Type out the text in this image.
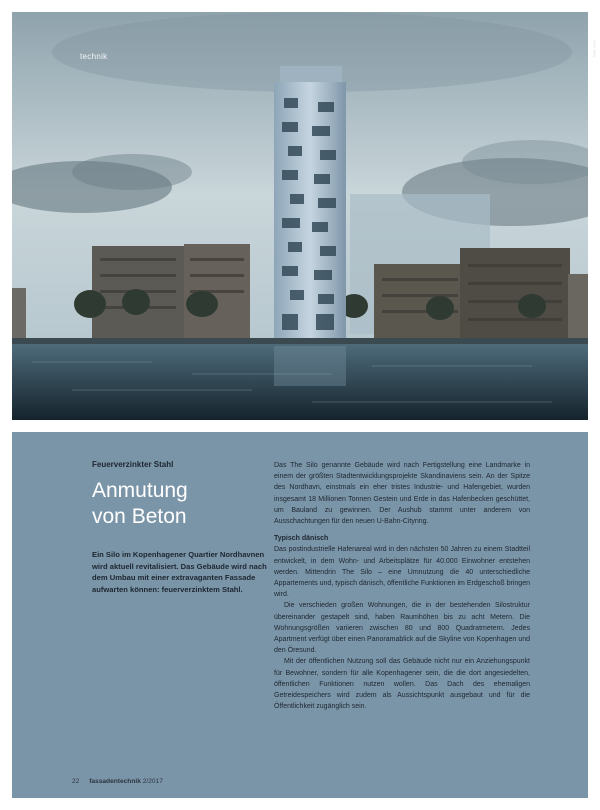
technik	Bild: Sive
Feuerverzinkter Stahl
Anmutung
von Beton
Ein Silo im Kopenhagener Quartier Nordhavnen wird aktuell revitalisiert. Das Gebäude wird nach dem Umbau mit einer extravaganten Fassade aufwarten können: feuerverzinktem Stahl.

Das The Silo genannte Gebäude wird nach Fertigstellung eine Landmarke in einem der größten Stadtentwicklungsprojekte Skandinaviens sein. An der Spitze des Nordhavn, einstmals ein eher tristes Industrie- und Hafengebiet, wurden insgesamt 18 Millionen Tonnen Gestein und Erde in das Hafenbecken geschüttet, um Bauland zu gewinnen. Der Aushub stammt unter anderem von Ausschachtungen für den neuen U-Bahn-Cityring.

Typisch dänisch

Das postindustrielle Hafenareal wird in den nächsten 50 Jahren zu einem Stadtteil entwickelt, in dem Wohn- und Arbeitsplätze für 40.000 Einwohner entstehen werden. Mittendrin The Silo – eine Umnutzung die 40 unterschiedliche Appartements und, typisch dänisch, öffentliche Funktionen im Erdgeschoß bringen wird.

Die verschieden großen Wohnungen, die in der bestehenden Silostruktur übereinander gestapelt sind, haben Raumhöhen bis zu acht Metern. Die Wohnungsgrößen variieren zwischen 80 und 800 Quadratmetern. Jedes Apartment verfügt über einen Panoramablick auf die Skyline von Kopenhagen und den Öresund.

Mit der öffentlichen Nutzung soll das Gebäude nicht nur ein Anziehungspunkt für Bewohner, sondern für alle Kopenhagener sein, die die dort angesiedelten, öffentlichen Funktionen nutzen wollen. Das Dach des ehemaligen Getreidespeichers wird zudem als Aussichtspunkt ausgebaut und für die Öffentlichkeit zugänglich sein.

22 fassadentechnik 2/2017
